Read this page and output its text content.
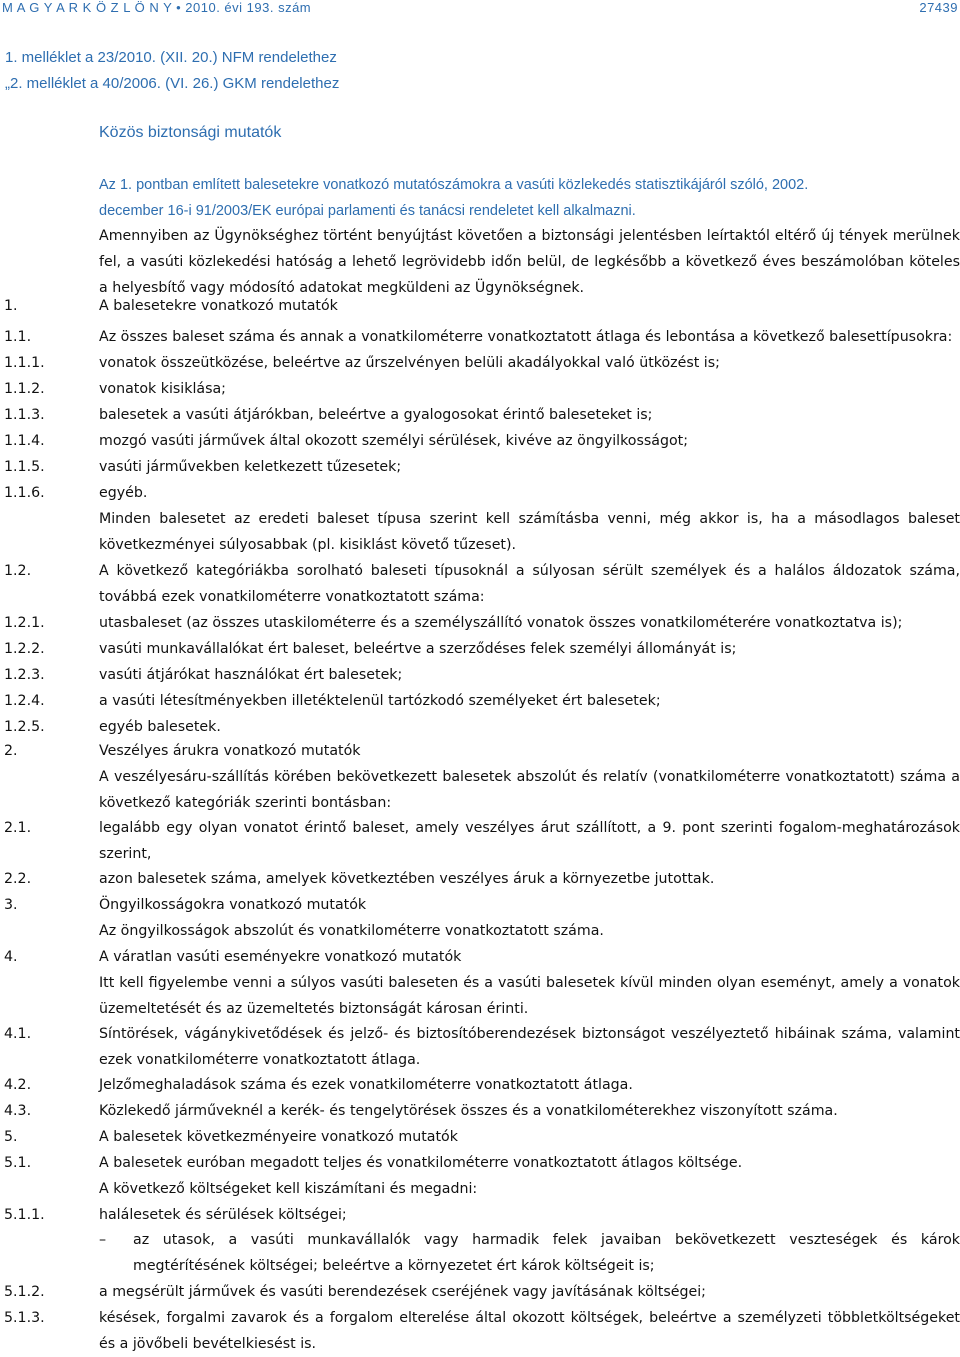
M A G Y A R K Ö Z L Ö N Y • 2010. évi 193. szám	27439
1. melléklet a 23/2010. (XII. 20.) NFM rendelethez
„2. melléklet a 40/2006. (VI. 26.) GKM rendelethez
Közös biztonsági mutatók
Az 1. pontban említett balesetekre vonatkozó mutatószámokra a vasúti közlekedés statisztikájáról szóló, 2002.
december 16-i 91/2003/EK európai parlamenti és tanácsi rendeletet kell alkalmazni.
Amennyiben az Ügynökséghez történt benyújtást követően a biztonsági jelentésben leírtaktól eltérő új tények merülnek fel, a vasúti közlekedési hatóság a lehető legrövidebb időn belül, de legkésőbb a következő éves beszámolóban köteles a helyesbítő vagy módosító adatokat megküldeni az Ügynökségnek.
1.	A balesetekre vonatkozó mutatók
1.1.	Az összes baleset száma és annak a vonatkilométerre vonatkoztatott átlaga és lebontása a következő balesettípusokra:
1.1.1.	vonatok összeütközése, beleértve az űrszelvényen belüli akadályokkal való ütközést is;
1.1.2.	vonatok kisiklása;
1.1.3.	balesetek a vasúti átjárókban, beleértve a gyalogosokat érintő baleseteket is;
1.1.4.	mozgó vasúti járművek által okozott személyi sérülések, kivéve az öngyilkosságot;
1.1.5.	vasúti járművekben keletkezett tűzesetek;
1.1.6.	egyéb.
Minden balesetet az eredeti baleset típusa szerint kell számításba venni, még akkor is, ha a másodlagos baleset következményei súlyosabbak (pl. kisiklást követő tűzeset).
1.2.	A következő kategóriákba sorolható baleseti típusoknál a súlyosan sérült személyek és a halálos áldozatok száma, továbbá ezek vonatkilométerre vonatkoztatott száma:
1.2.1.	utasbaleset (az összes utaskilométerre és a személyszállító vonatok összes vonatkilométerére vonatkoztatva is);
1.2.2.	vasúti munkavállalókat ért baleset, beleértve a szerződéses felek személyi állományát is;
1.2.3.	vasúti átjárókat használókat ért balesetek;
1.2.4.	a vasúti létesítményekben illetéktelenül tartózkodó személyeket ért balesetek;
1.2.5.	egyéb balesetek.
2.	Veszélyes árukra vonatkozó mutatók
A veszélyesáru-szállítás körében bekövetkezett balesetek abszolút és relatív (vonatkilométerre vonatkoztatott) száma a következő kategóriák szerinti bontásban:
2.1.	legalább egy olyan vonatot érintő baleset, amely veszélyes árut szállított, a 9. pont szerinti fogalom-meghatározások szerint,
2.2.	azon balesetek száma, amelyek következtében veszélyes áruk a környezetbe jutottak.
3.	Öngyilkosságokra vonatkozó mutatók
Az öngyilkosságok abszolút és vonatkilométerre vonatkoztatott száma.
4.	A váratlan vasúti eseményekre vonatkozó mutatók
Itt kell figyelembe venni a súlyos vasúti baleseten és a vasúti balesetek kívül minden olyan eseményt, amely a vonatok üzemeltetését és az üzemeltetés biztonságát károsan érinti.
4.1.	Síntörések, vágánykivetődések és jelző- és biztosítóberendezések biztonságot veszélyeztető hibáinak száma, valamint ezek vonatkilométerre vonatkoztatott átlaga.
4.2.	Jelzőmeghaladások száma és ezek vonatkilométerre vonatkoztatott átlaga.
4.3.	Közlekedő járműveknél a kerék- és tengelytörések összes és a vonatkilométerekhez viszonyított száma.
5.	A balesetek következményeire vonatkozó mutatók
5.1.	A balesetek euróban megadott teljes és vonatkilométerre vonatkoztatott átlagos költsége.
A következő költségeket kell kiszámítani és megadni:
5.1.1.	halálesetek és sérülések költségei;
– az utasok, a vasúti munkavállalók vagy harmadik felek javaiban bekövetkezett veszteségek és károk megtérítésének költségei; beleértve a környezetet ért károk költségeit is;
5.1.2.	a megsérült járművek és vasúti berendezések cseréjének vagy javításának költségei;
5.1.3.	késések, forgalmi zavarok és a forgalom elterelése által okozott költségek, beleértve a személyzeti többletköltségeket és a jövőbeli bevételkiesést is.
